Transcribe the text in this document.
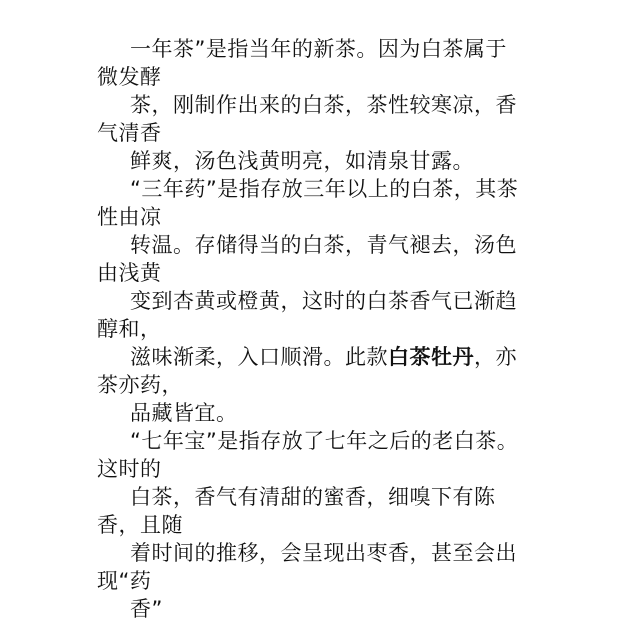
一年茶”是指当年的新茶。因为白茶属于
微发酵
茶，刚制作出来的白茶，茶性较寒凉，香
气清香
鲜爽，汤色浅黄明亮，如清泉甘露。
“三年药”是指存放三年以上的白茶，其茶
性由凉
转温。存储得当的白茶，青气褪去，汤色
由浅黄
变到杏黄或橙黄，这时的白茶香气已渐趋
醇和，
滋味渐柔，入口顺滑。此款白茶牡丹，亦
茶亦药，
品藏皆宜。
“七年宝”是指存放了七年之后的老白茶。
这时的
白茶，香气有清甜的蜜香，细嗅下有陈
香，且随
着时间的推移，会呈现出枣香，甚至会出
现“药
香”
